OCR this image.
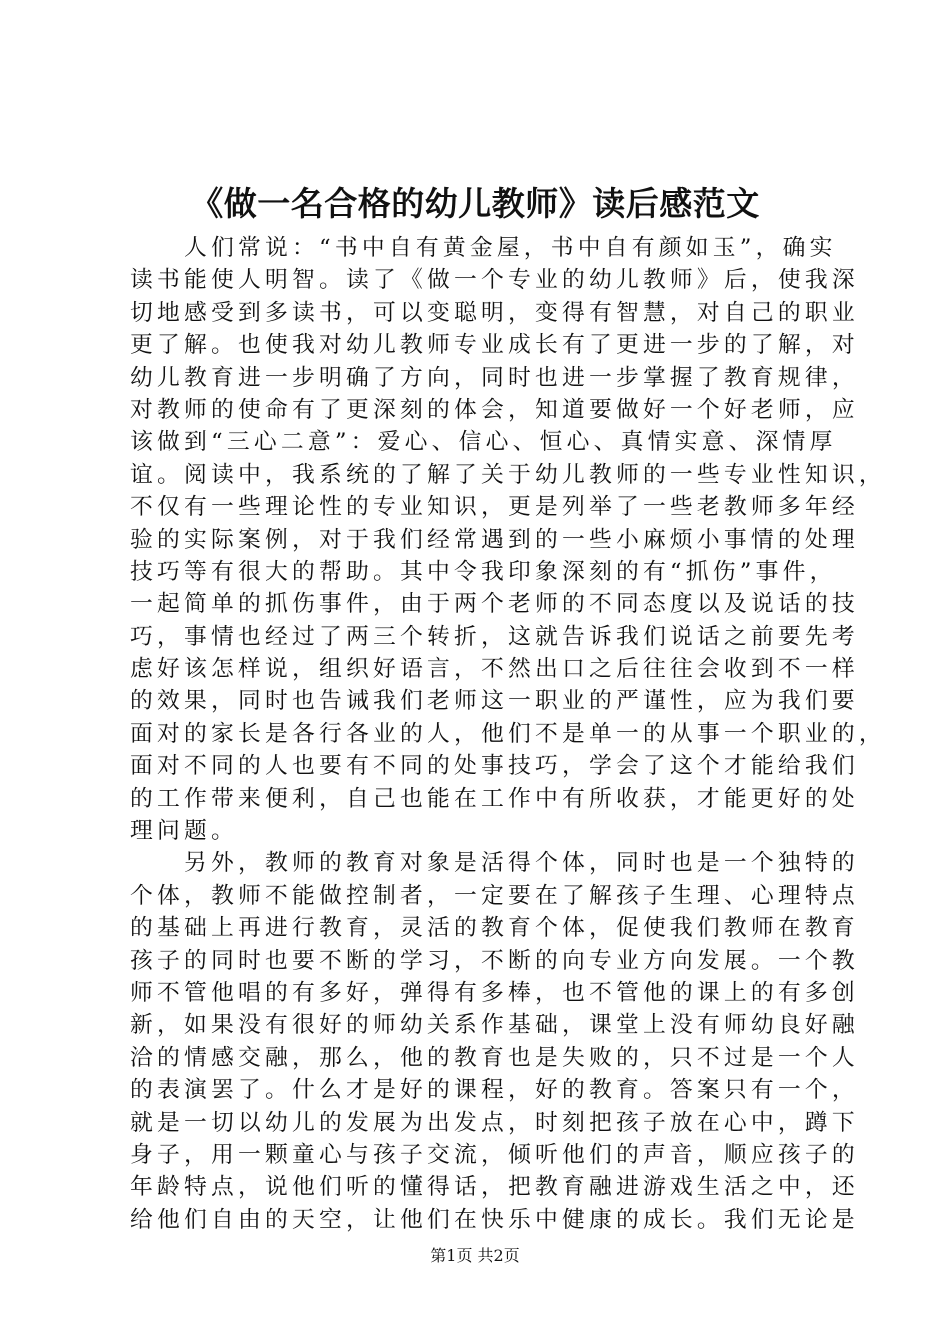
《做一名合格的幼儿教师》读后感范文
　　人们常说：“书中自有黄金屋，书中自有颜如玉”，确实
读书能使人明智。读了《做一个专业的幼儿教师》后，使我深
切地感受到多读书，可以变聪明，变得有智慧，对自己的职业
更了解。也使我对幼儿教师专业成长有了更进一步的了解，对
幼儿教育进一步明确了方向，同时也进一步掌握了教育规律，
对教师的使命有了更深刻的体会，知道要做好一个好老师，应
该做到“三心二意”：爱心、信心、恒心、真情实意、深情厚
谊。阅读中，我系统的了解了关于幼儿教师的一些专业性知识，
不仅有一些理论性的专业知识，更是列举了一些老教师多年经
验的实际案例，对于我们经常遇到的一些小麻烦小事情的处理
技巧等有很大的帮助。其中令我印象深刻的有“抓伤”事件，
一起简单的抓伤事件，由于两个老师的不同态度以及说话的技
巧，事情也经过了两三个转折，这就告诉我们说话之前要先考
虑好该怎样说，组织好语言，不然出口之后往往会收到不一样
的效果，同时也告诫我们老师这一职业的严谨性，应为我们要
面对的家长是各行各业的人，他们不是单一的从事一个职业的，
面对不同的人也要有不同的处事技巧，学会了这个才能给我们
的工作带来便利，自己也能在工作中有所收获，才能更好的处
理问题。
　　另外，教师的教育对象是活得个体，同时也是一个独特的
个体，教师不能做控制者，一定要在了解孩子生理、心理特点
的基础上再进行教育，灵活的教育个体，促使我们教师在教育
孩子的同时也要不断的学习，不断的向专业方向发展。一个教
师不管他唱的有多好，弹得有多棒，也不管他的课上的有多创
新，如果没有很好的师幼关系作基础，课堂上没有师幼良好融
洽的情感交融，那么，他的教育也是失败的，只不过是一个人
的表演罢了。什么才是好的课程，好的教育。答案只有一个，
就是一切以幼儿的发展为出发点，时刻把孩子放在心中，蹲下
身子，用一颗童心与孩子交流，倾听他们的声音，顺应孩子的
年龄特点，说他们听的懂得话，把教育融进游戏生活之中，还
给他们自由的天空，让他们在快乐中健康的成长。我们无论是
第1页 共2页
